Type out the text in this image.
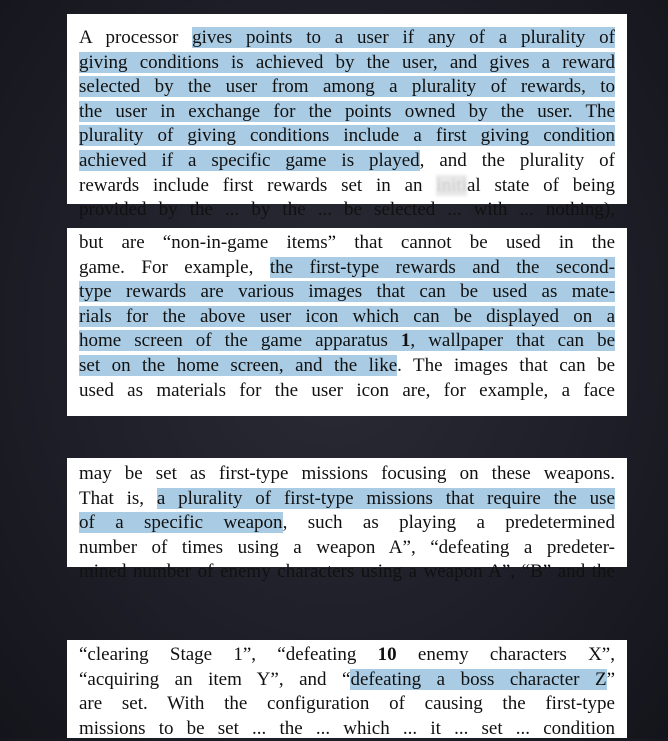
A processor gives points to a user if any of a plurality of
giving conditions is achieved by the user, and gives a reward
selected by the user from among a plurality of rewards, to
the user in exchange for the points owned by the user. The
plurality of giving conditions include a first giving condition
achieved if a specific game is played, and the plurality of
rewards include first rewards set in an initial state of being
provided by the ... by the ... be selected ... with ... nothing),
but are “non-in-game items” that cannot be used in the
game. For example, the first-type rewards and the second-
type rewards are various images that can be used as mate-
rials for the above user icon which can be displayed on a
home screen of the game apparatus 1, wallpaper that can be
set on the home screen, and the like. The images that can be
used as materials for the user icon are, for example, a face
may be set as first-type missions focusing on these weapons.
That is, a plurality of first-type missions that require the use
of a specific weapon, such as playing a predetermined
number of times using a weapon A”, “defeating a predeter-
mined number of enemy characters using a weapon A”, “B” and the
“clearing Stage 1”, “defeating 10 enemy characters X”,
“acquiring an item Y”, and “defeating a boss character Z”
are set. With the configuration of causing the first-type
missions to be set ... the ... which ... it ... set ... condition
